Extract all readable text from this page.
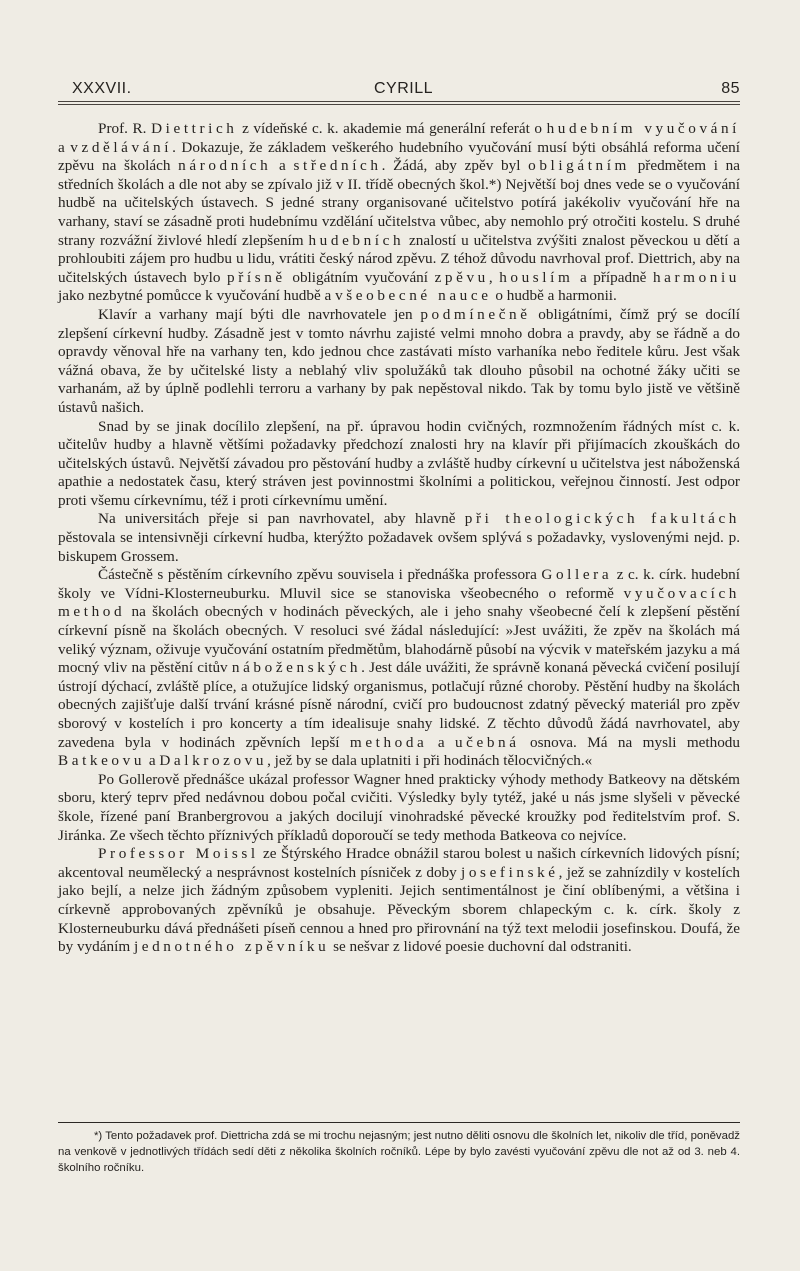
XXXVII.	CYRILL	85

Prof. R. Diettrich z vídeňské c. k. akademie má generální referát o hudebním vyučování a vzdělávání. Dokazuje, že základem veškerého hudebního vyučování musí býti obsáhlá reforma učení zpěvu na školách národních a středních. Žádá, aby zpěv byl obligátním předmětem i na středních školách a dle not aby se zpívalo již v II. třídě obecných škol.*) Největší boj dnes vede se o vyučování hudbě na učitelských ústavech. S jedné strany organisované učitelstvo potírá jakékoliv vyučování hře na varhany, staví se zásadně proti hudebnímu vzdělání učitelstva vůbec, aby nemohlo prý otročiti kostelu. S druhé strany rozvážní živlové hledí zlepšením hudebních znalostí u učitelstva zvýšiti znalost pěveckou u dětí a prohloubiti zájem pro hudbu u lidu, vrátiti český národ zpěvu. Z téhož důvodu navrhoval prof. Diettrich, aby na učitelských ústavech bylo přísně obligátním vyučování zpěvu, houslím a případně harmoniu jako nezbytné pomůcce k vyučování hudbě a všeobecné nauce o hudbě a harmonii.

Klavír a varhany mají býti dle navrhovatele jen podmínečně obligátními, čímž prý se docílí zlepšení církevní hudby. Zásadně jest v tomto návrhu zajisté velmi mnoho dobra a pravdy, aby se řádně a do opravdy věnoval hře na varhany ten, kdo jednou chce zastávati místo varhaníka nebo ředitele kůru. Jest však vážná obava, že by učitelské listy a neblahý vliv spolužáků tak dlouho působil na ochotné žáky učiti se varhanám, až by úplně podlehli terroru a varhany by pak nepěstoval nikdo. Tak by tomu bylo jistě ve většině ústavů našich.

Snad by se jinak docílilo zlepšení, na př. úpravou hodin cvičných, rozmnožením řádných míst c. k. učitelův hudby a hlavně většími požadavky předchozí znalosti hry na klavír při přijímacích zkouškách do učitelských ústavů. Největší závadou pro pěstování hudby a zvláště hudby církevní u učitelstva jest náboženská apathie a nedostatek času, který stráven jest povinnostmi školními a politickou, veřejnou činností. Jest odpor proti všemu církevnímu, též i proti církevnímu umění.

Na universitách přeje si pan navrhovatel, aby hlavně při theologických fakultách pěstovala se intensivněji církevní hudba, kterýžto požadavek ovšem splývá s požadavky, vyslovenými nejd. p. biskupem Grossem.

Částečně s pěstěním církevního zpěvu souvisela i přednáška professora Gollera z c. k. círk. hudební školy ve Vídni-Klosterneuburku. Mluvil sice se stanoviska všeobecného o reformě vyučovacích method na školách obecných v hodinách pěveckých, ale i jeho snahy všeobecné čelí k zlepšení pěstění církevní písně na školách obecných. V resoluci své žádal následující: »Jest uvážiti, že zpěv na školách má veliký význam, oživuje vyučování ostatním předmětům, blahodárně působí na výcvik v mateřském jazyku a má mocný vliv na pěstění citův náboženských. Jest dále uvážiti, že správně konaná pěvecká cvičení posilují ústrojí dýchací, zvláště plíce, a otužujíce lidský organismus, potlačují různé choroby. Pěstění hudby na školách obecných zajišťuje další trvání krásné písně národní, cvičí pro budoucnost zdatný pěvecký materiál pro zpěv sborový v kostelích i pro koncerty a tím idealisuje snahy lidské. Z těchto důvodů žádá navrhovatel, aby zavedena byla v hodinách zpěvních lepší methoda a učebná osnova. Má na mysli methodu Batkeovu a Dalkrozovu, jež by se dala uplatniti i při hodinách tělocvičných.«

Po Gollerově přednášce ukázal professor Wagner hned prakticky výhody methody Batkeovy na dětském sboru, který teprv před nedávnou dobou počal cvičiti. Výsledky byly tytéž, jaké u nás jsme slyšeli v pěvecké škole, řízené paní Branbergrovou a jakých docilují vinohradské pěvecké kroužky pod ředitelstvím prof. S. Jiránka. Ze všech těchto příznivých příkladů doporoučí se tedy methoda Batkeova co nejvíce.

Professor Moissl ze Štýrského Hradce obnážil starou bolest u našich církevních lidových písní; akcentoval neumělecký a nesprávnost kostelních písniček z doby josefinské, jež se zahnízdily v kostelích jako bejlí, a nelze jich žádným způsobem vypleniti. Jejich sentimentálnost je činí oblíbenými, a většina i církevně approbovaných zpěvníků je obsahuje. Pěveckým sborem chlapeckým c. k. círk. školy z Klosterneuburku dává přednášeti píseň cennou a hned pro přirovnání na týž text melodii josefinskou. Doufá, že by vydáním jednotného zpěvníku se nešvar z lidové poesie duchovní dal odstraniti.

*) Tento požadavek prof. Diettricha zdá se mi trochu nejasným; jest nutno děliti osnovu dle školních let, nikoliv dle tříd, poněvadž na venkově v jednotlivých třídách sedí děti z několika školních ročníků. Lépe by bylo zavésti vyučování zpěvu dle not až od 3. neb 4. školního ročníku.
